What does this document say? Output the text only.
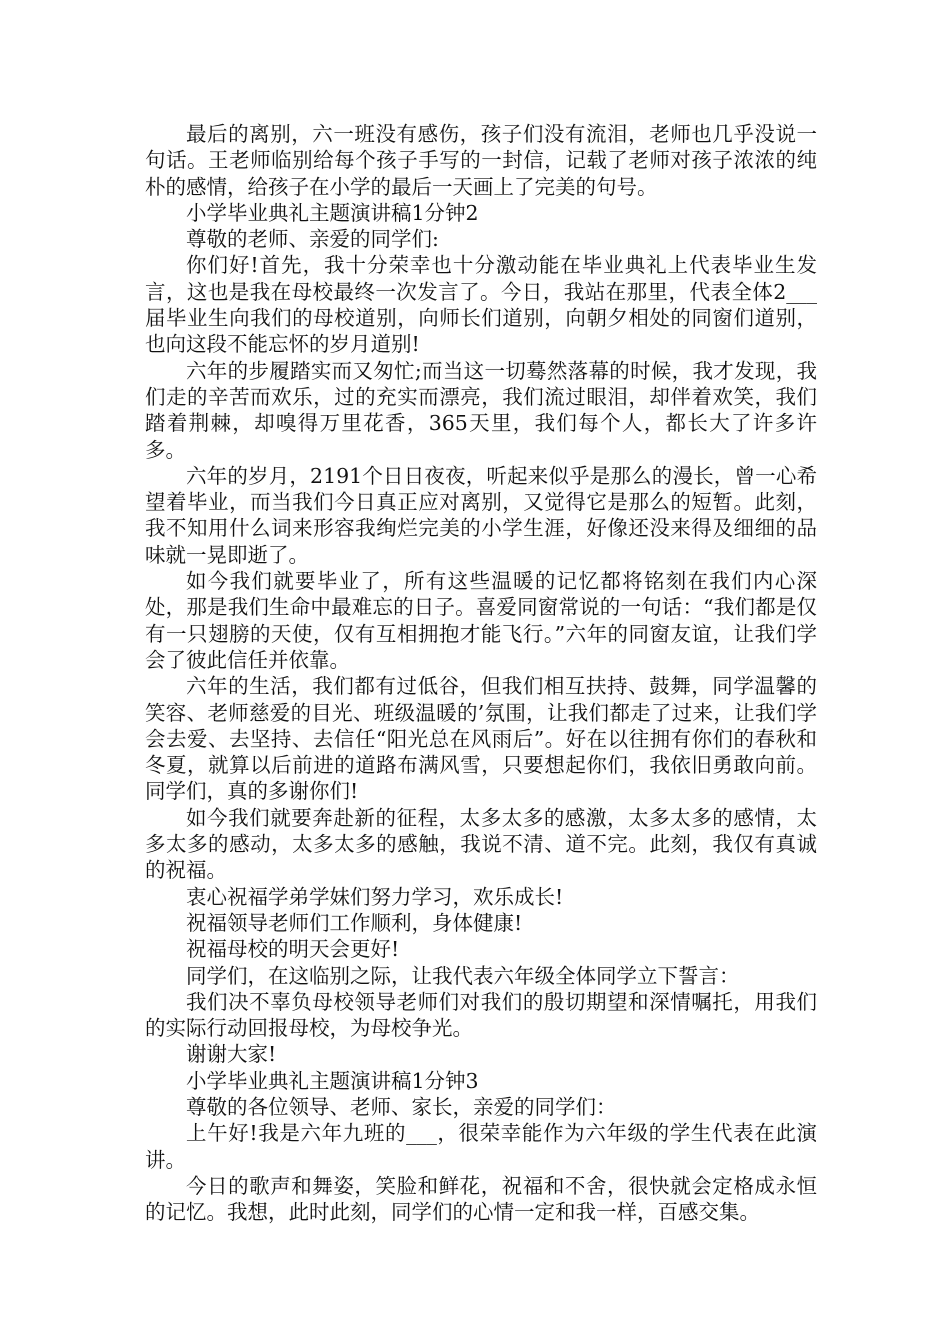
最后的离别，六一班没有感伤，孩子们没有流泪，老师也几乎没说一句话。王老师临别给每个孩子手写的一封信，记载了老师对孩子浓浓的纯朴的感情，给孩子在小学的最后一天画上了完美的句号。

小学毕业典礼主题演讲稿1分钟2

尊敬的老师、亲爱的同学们:

你们好!首先，我十分荣幸也十分激动能在毕业典礼上代表毕业生发言，这也是我在母校最终一次发言了。今日，我站在那里，代表全体2___届毕业生向我们的母校道别，向师长们道别，向朝夕相处的同窗们道别，也向这段不能忘怀的岁月道别!

六年的步履踏实而又匆忙;而当这一切蓦然落幕的时候，我才发现，我们走的辛苦而欢乐，过的充实而漂亮，我们流过眼泪，却伴着欢笑，我们踏着荆棘，却嗅得万里花香，365天里，我们每个人，都长大了许多许多。

六年的岁月，2191个日日夜夜，听起来似乎是那么的漫长，曾一心希望着毕业，而当我们今日真正应对离别，又觉得它是那么的短暂。此刻，我不知用什么词来形容我绚烂完美的小学生涯，好像还没来得及细细的品味就一晃即逝了。

如今我们就要毕业了，所有这些温暖的记忆都将铭刻在我们内心深处，那是我们生命中最难忘的日子。喜爱同窗常说的一句话：“我们都是仅有一只翅膀的天使，仅有互相拥抱才能飞行。”六年的同窗友谊，让我们学会了彼此信任并依靠。

六年的生活，我们都有过低谷，但我们相互扶持、鼓舞，同学温馨的笑容、老师慈爱的目光、班级温暖的’氛围，让我们都走了过来，让我们学会去爱、去坚持、去信任“阳光总在风雨后”。好在以往拥有你们的春秋和冬夏，就算以后前进的道路布满风雪，只要想起你们，我依旧勇敢向前。同学们，真的多谢你们!

如今我们就要奔赴新的征程，太多太多的感激，太多太多的感情，太多太多的感动，太多太多的感触，我说不清、道不完。此刻，我仅有真诚的祝福。

衷心祝福学弟学妹们努力学习，欢乐成长!

祝福领导老师们工作顺利，身体健康!

祝福母校的明天会更好!

同学们，在这临别之际，让我代表六年级全体同学立下誓言：

我们决不辜负母校领导老师们对我们的殷切期望和深情嘱托，用我们的实际行动回报母校，为母校争光。

谢谢大家!

小学毕业典礼主题演讲稿1分钟3

尊敬的各位领导、老师、家长，亲爱的同学们：

上午好!我是六年九班的___，很荣幸能作为六年级的学生代表在此演讲。

今日的歌声和舞姿，笑脸和鲜花，祝福和不舍，很快就会定格成永恒的记忆。我想，此时此刻，同学们的心情一定和我一样，百感交集。
